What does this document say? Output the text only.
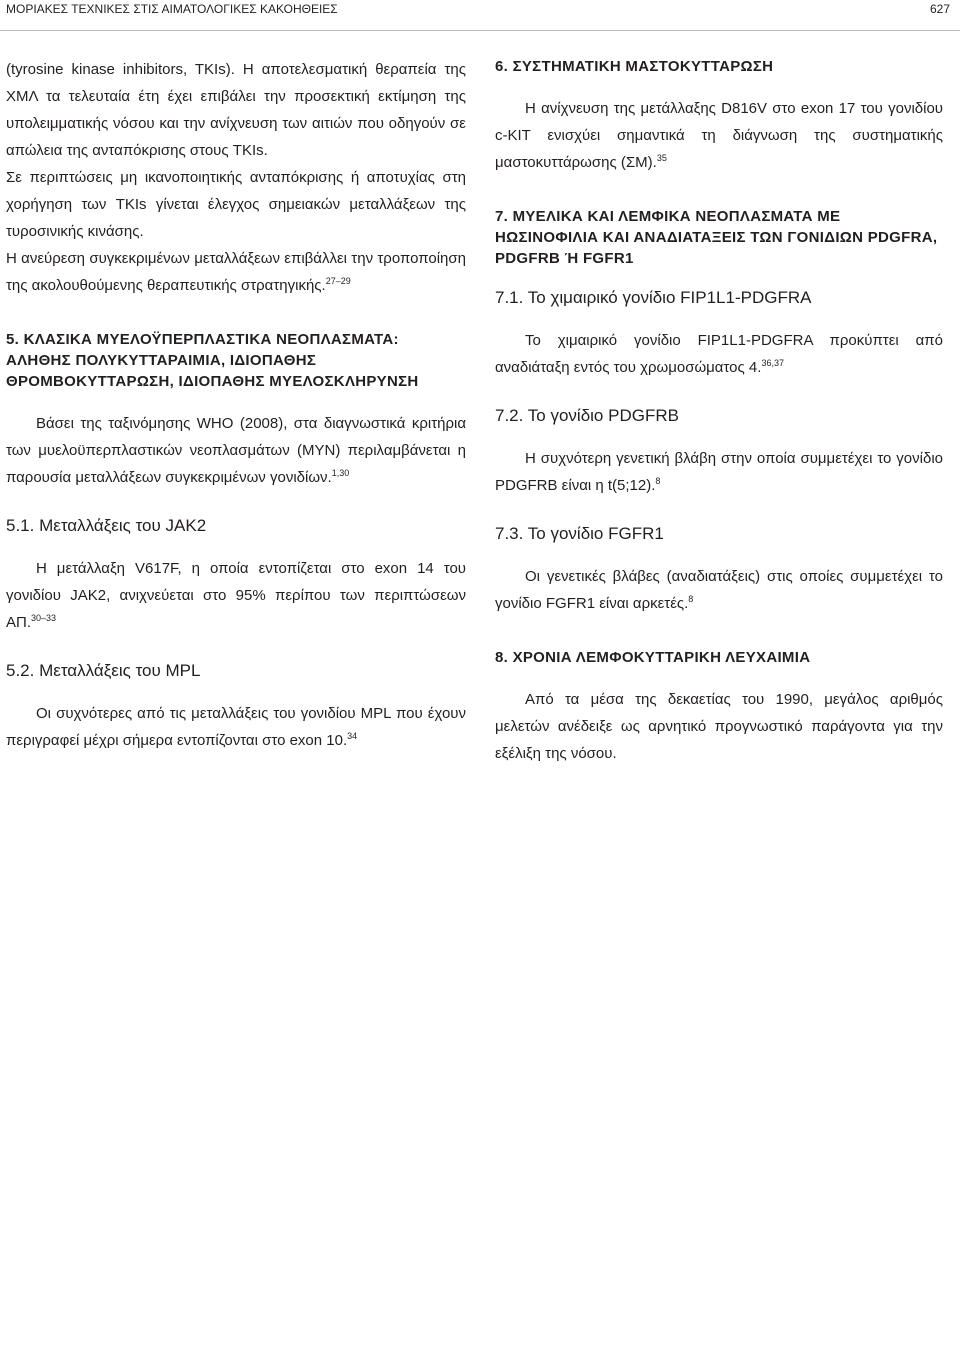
ΜΟΡΙΑΚΕΣ ΤΕΧΝΙΚΕΣ ΣΤΙΣ ΑΙΜΑΤΟΛΟΓΙΚΕΣ ΚΑΚΟΗΘΕΙΕΣ	627

(tyrosine kinase inhibitors, TKIs). Η αποτελεσματική θεραπεία της ΧΜΛ τα τελευταία έτη έχει επιβάλει την προσεκτική εκτίμηση της υπολειμματικής νόσου και την ανίχνευση των αιτιών που οδηγούν σε απώλεια της ανταπόκρισης στους TKIs.

Σε περιπτώσεις μη ικανοποιητικής ανταπόκρισης ή αποτυχίας στη χορήγηση των TKIs γίνεται έλεγχος σημειακών μεταλλάξεων της τυροσινικής κινάσης.

Η ανεύρεση συγκεκριμένων μεταλλάξεων επιβάλλει την τροποποίηση της ακολουθούμενης θεραπευτικής στρατηγικής.$^{27-29}$

5. ΚΛΑΣΙΚΑ ΜΥΕΛΟΫΠΕΡΠΛΑΣΤΙΚΑ ΝΕΟΠΛΑΣΜΑΤΑ: ΑΛΗΘΗΣ ΠΟΛΥΚΥΤΤΑΡΑΙΜΙΑ, ΙΔΙΟΠΑΘΗΣ ΘΡΟΜΒΟΚΥΤΤΑΡΩΣΗ, ΙΔΙΟΠΑΘΗΣ ΜΥΕΛΟΣΚΛΗΡΥΝΣΗ

Βάσει της ταξινόμησης WHO (2008), στα διαγνωστικά κριτήρια των μυελοϋπερπλαστικών νεοπλασμάτων (ΜΥΝ) περιλαμβάνεται η παρουσία μεταλλάξεων συγκεκριμένων γονιδίων.$^{1,30}$

5.1. Μεταλλάξεις του JAK2

Η μετάλλαξη V617F, η οποία εντοπίζεται στο exon 14 του γονιδίου JAK2, ανιχνεύεται στο 95% περίπου των περιπτώσεων ΑΠ.$^{30-33}$

5.2. Μεταλλάξεις του MPL

Οι συχνότερες από τις μεταλλάξεις του γονιδίου MPL που έχουν περιγραφεί μέχρι σήμερα εντοπίζονται στο exon 10.34

6. ΣΥΣΤΗΜΑΤΙΚΗ ΜΑΣΤΟΚΥΤΤΑΡΩΣΗ

Η ανίχνευση της μετάλλαξης D816V στο exon 17 του γονιδίου c-KIT ενισχύει σημαντικά τη διάγνωση της συστηματικής μαστοκυττάρωσης (ΣΜ).$^{35}$

7. ΜΥΕΛΙΚΑ ΚΑΙ ΛΕΜΦΙΚΑ ΝΕΟΠΛΑΣΜΑΤΑ ΜΕ ΗΩΣΙΝΟΦΙΛΙΑ ΚΑΙ ΑΝΑΔΙΑΤΑΞΕΙΣ ΤΩΝ ΓΟΝΙΔΙΩΝ PDGFRA, PDGFRB Ή FGFR1
7.1. Το χιμαιρικό γονίδιο FIP1L1-PDGFRA

Το χιμαιρικό γονίδιο FIP1L1-PDGFRA προκύπτει από αναδιάταξη εντός του χρωμοσώματος 4.$^{36,37}$

7.2. Το γονίδιο PDGFRB

Η συχνότερη γενετική βλάβη στην οποία συμμετέχει το γονίδιο PDGFRB είναι η t(5;12).$^8$

7.3. Το γονίδιο FGFR1

Οι γενετικές βλάβες (αναδιατάξεις) στις οποίες συμμετέχει το γονίδιο FGFR1 είναι αρκετές.$^8$

8. ΧΡΟΝΙΑ ΛΕΜΦΟΚΥΤΤΑΡΙΚΗ ΛΕΥΧΑΙΜΙΑ

Από τα μέσα της δεκαετίας του 1990, μεγάλος αριθμός μελετών ανέδειξε ως αρνητικό προγνωστικό παράγοντα για την εξέλιξη της νόσου.
